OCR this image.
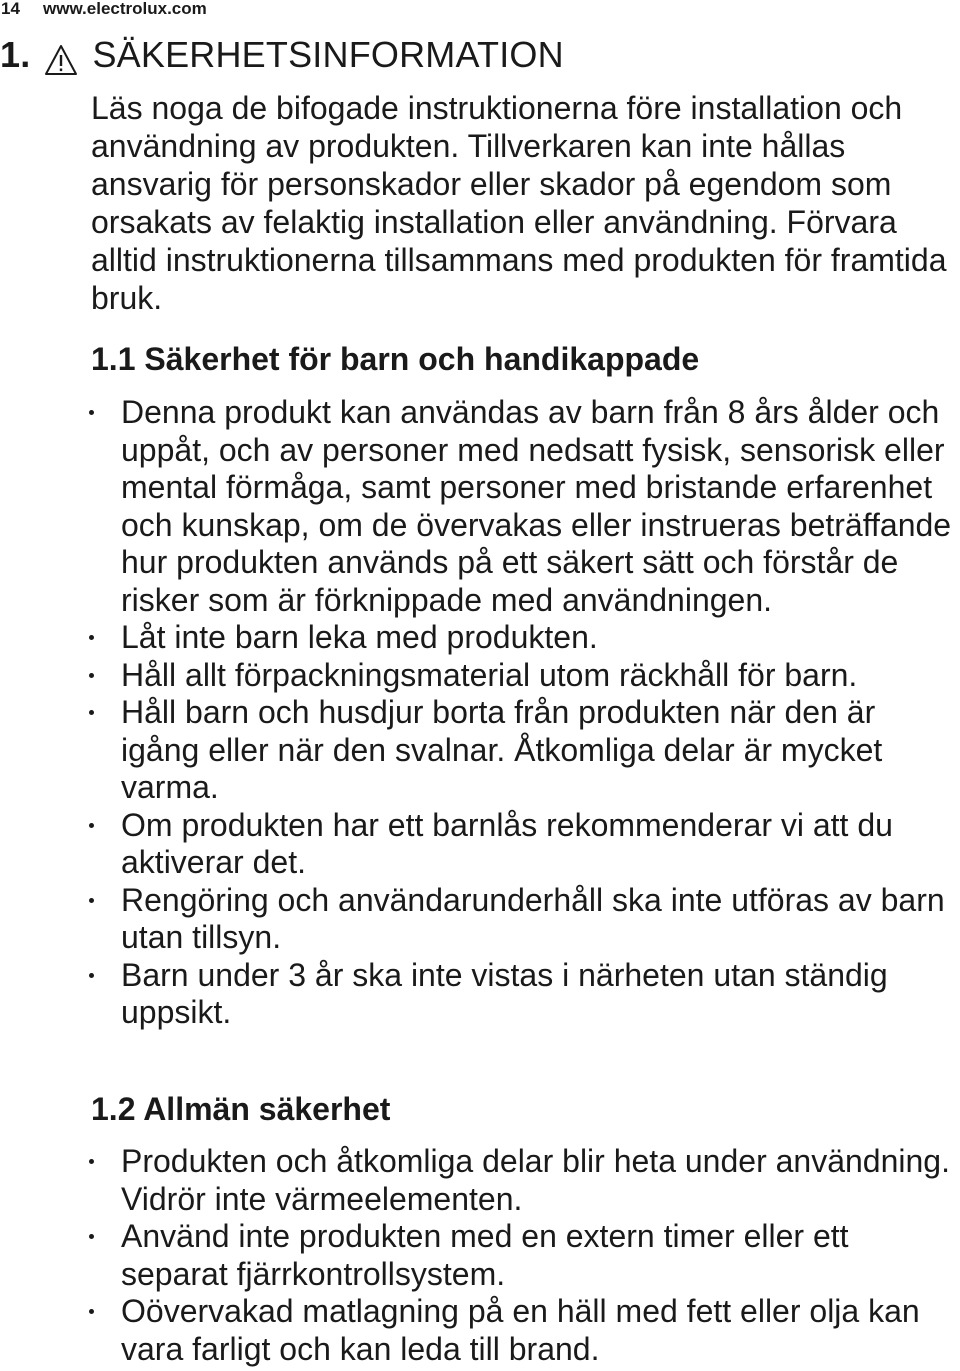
14	www.electrolux.com
1. SÄKERHETSINFORMATION

Läs noga de bifogade instruktionerna före installation och användning av produkten. Tillverkaren kan inte hållas ansvarig för personskador eller skador på egendom som orsakats av felaktig installation eller användning. Förvara alltid instruktionerna tillsammans med produkten för framtida bruk.

1.1 Säkerhet för barn och handikappade
Denna produkt kan användas av barn från 8 års ålder och uppåt, och av personer med nedsatt fysisk, sensorisk eller mental förmåga, samt personer med bristande erfarenhet och kunskap, om de övervakas eller instrueras beträffande hur produkten används på ett säkert sätt och förstår de risker som är förknippade med användningen.
Låt inte barn leka med produkten.
Håll allt förpackningsmaterial utom räckhåll för barn.
Håll barn och husdjur borta från produkten när den är igång eller när den svalnar. Åtkomliga delar är mycket varma.
Om produkten har ett barnlås rekommenderar vi att du aktiverar det.
Rengöring och användarunderhåll ska inte utföras av barn utan tillsyn.
Barn under 3 år ska inte vistas i närheten utan ständig uppsikt.
1.2 Allmän säkerhet
Produkten och åtkomliga delar blir heta under användning. Vidrör inte värmeelementen.
Använd inte produkten med en extern timer eller ett separat fjärrkontrollsystem.
Oövervakad matlagning på en häll med fett eller olja kan vara farligt och kan leda till brand.
